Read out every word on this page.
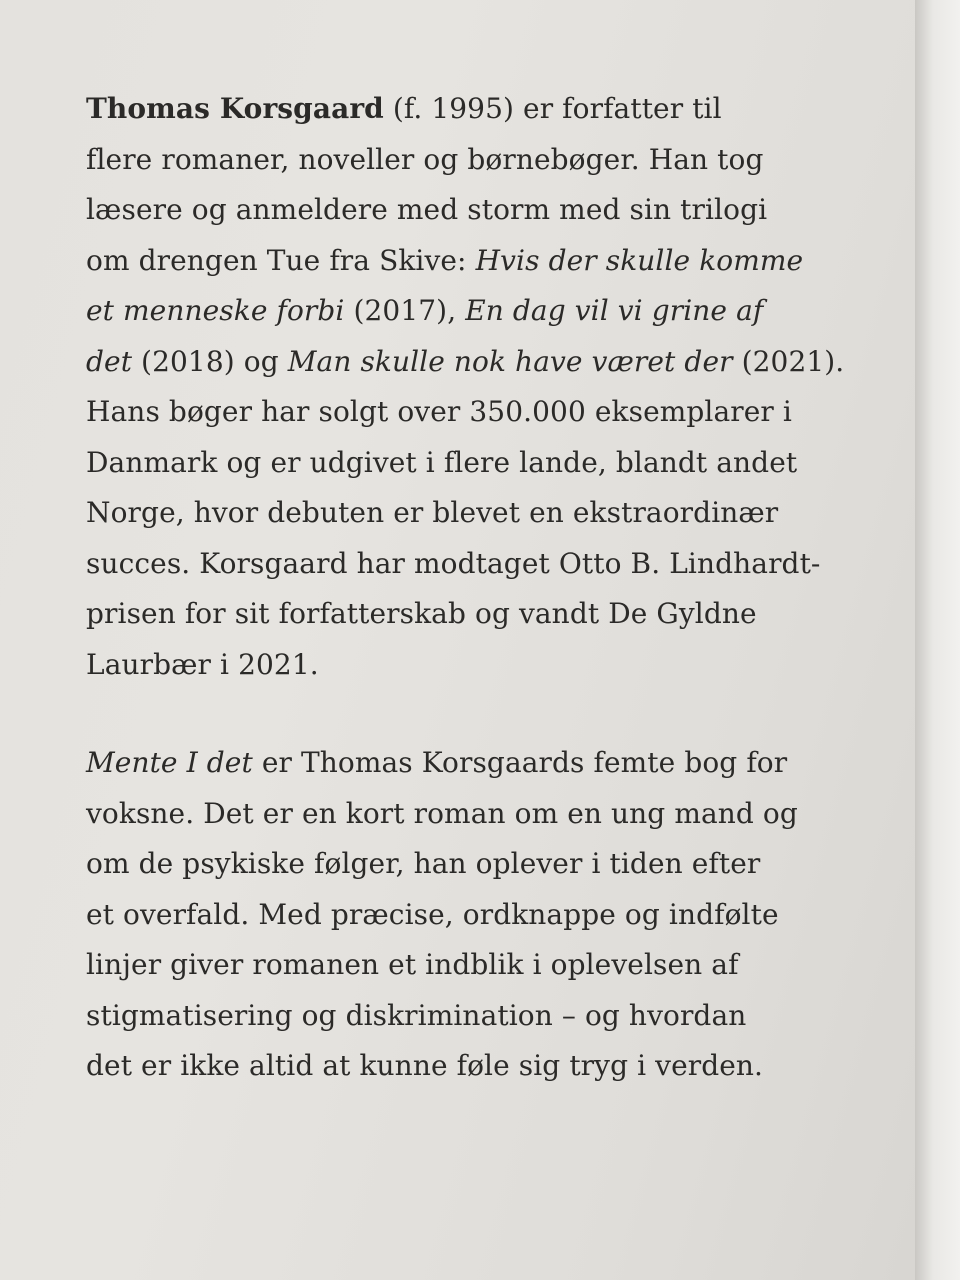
Thomas Korsgaard (f. 1995) er forfatter til
flere romaner, noveller og børnebøger. Han tog
læsere og anmeldere med storm med sin trilogi
om drengen Tue fra Skive: Hvis der skulle komme
et menneske forbi (2017), En dag vil vi grine af
det (2018) og Man skulle nok have været der (2021).
Hans bøger har solgt over 350.000 eksemplarer i
Danmark og er udgivet i flere lande, blandt andet
Norge, hvor debuten er blevet en ekstraordinær
succes. Korsgaard har modtaget Otto B. Lindhardt-
prisen for sit forfatterskab og vandt De Gyldne
Laurbær i 2021.
Mente I det er Thomas Korsgaards femte bog for
voksne. Det er en kort roman om en ung mand og
om de psykiske følger, han oplever i tiden efter
et overfald. Med præcise, ordknappe og indfølte
linjer giver romanen et indblik i oplevelsen af
stigmatisering og diskrimination – og hvordan
det er ikke altid at kunne føle sig tryg i verden.
